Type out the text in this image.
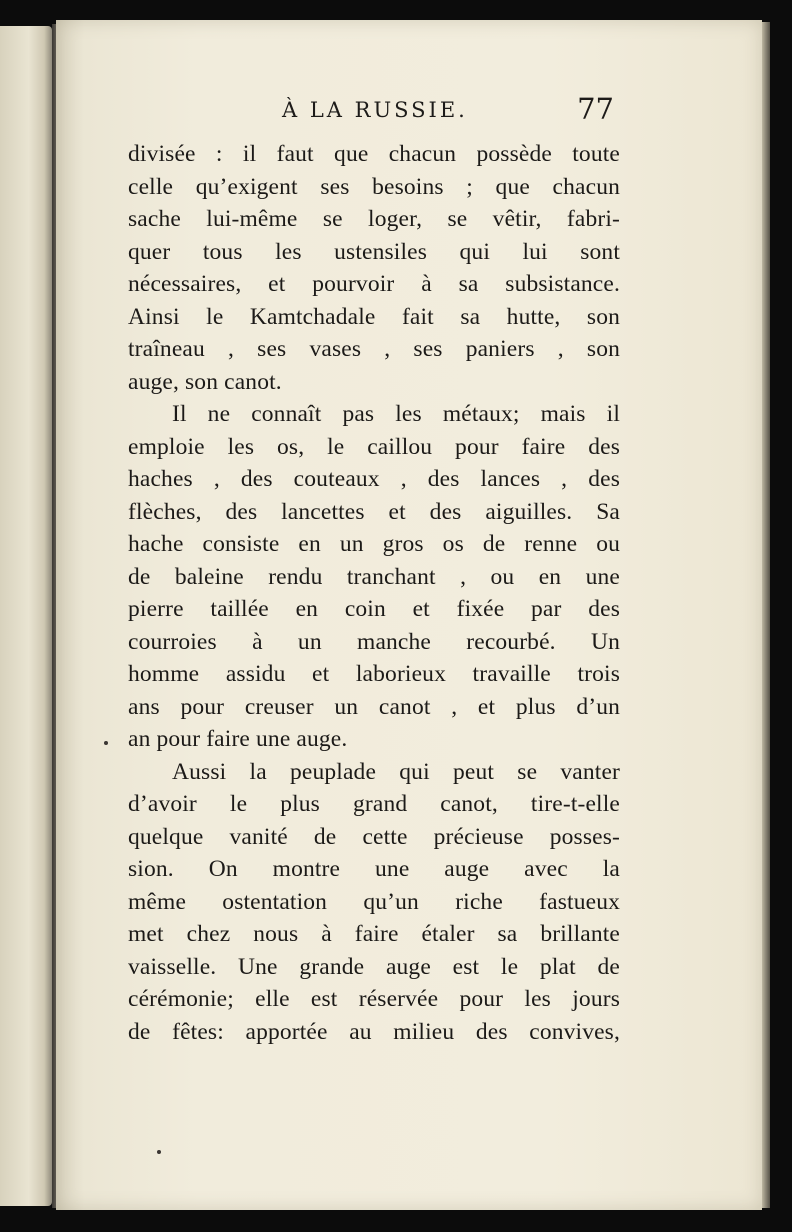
À LA RUSSIE.	77
divisée : il faut que chacun possède toute
celle qu’exigent ses besoins ; que chacun
sache lui-même se loger, se vêtir, fabri-
quer tous les ustensiles qui lui sont
nécessaires, et pourvoir à sa subsistance.
Ainsi le Kamtchadale fait sa hutte, son
traîneau , ses vases , ses paniers , son
auge, son canot.
Il ne connaît pas les métaux; mais il
emploie les os, le caillou pour faire des
haches , des couteaux , des lances , des
flèches, des lancettes et des aiguilles. Sa
hache consiste en un gros os de renne ou
de baleine rendu tranchant , ou en une
pierre taillée en coin et fixée par des
courroies à un manche recourbé. Un
homme assidu et laborieux travaille trois
ans pour creuser un canot , et plus d’un
an pour faire une auge.
Aussi la peuplade qui peut se vanter
d’avoir le plus grand canot, tire-t-elle
quelque vanité de cette précieuse posses-
sion. On montre une auge avec la
même ostentation qu’un riche fastueux
met chez nous à faire étaler sa brillante
vaisselle. Une grande auge est le plat de
cérémonie; elle est réservée pour les jours
de fêtes: apportée au milieu des convives,
